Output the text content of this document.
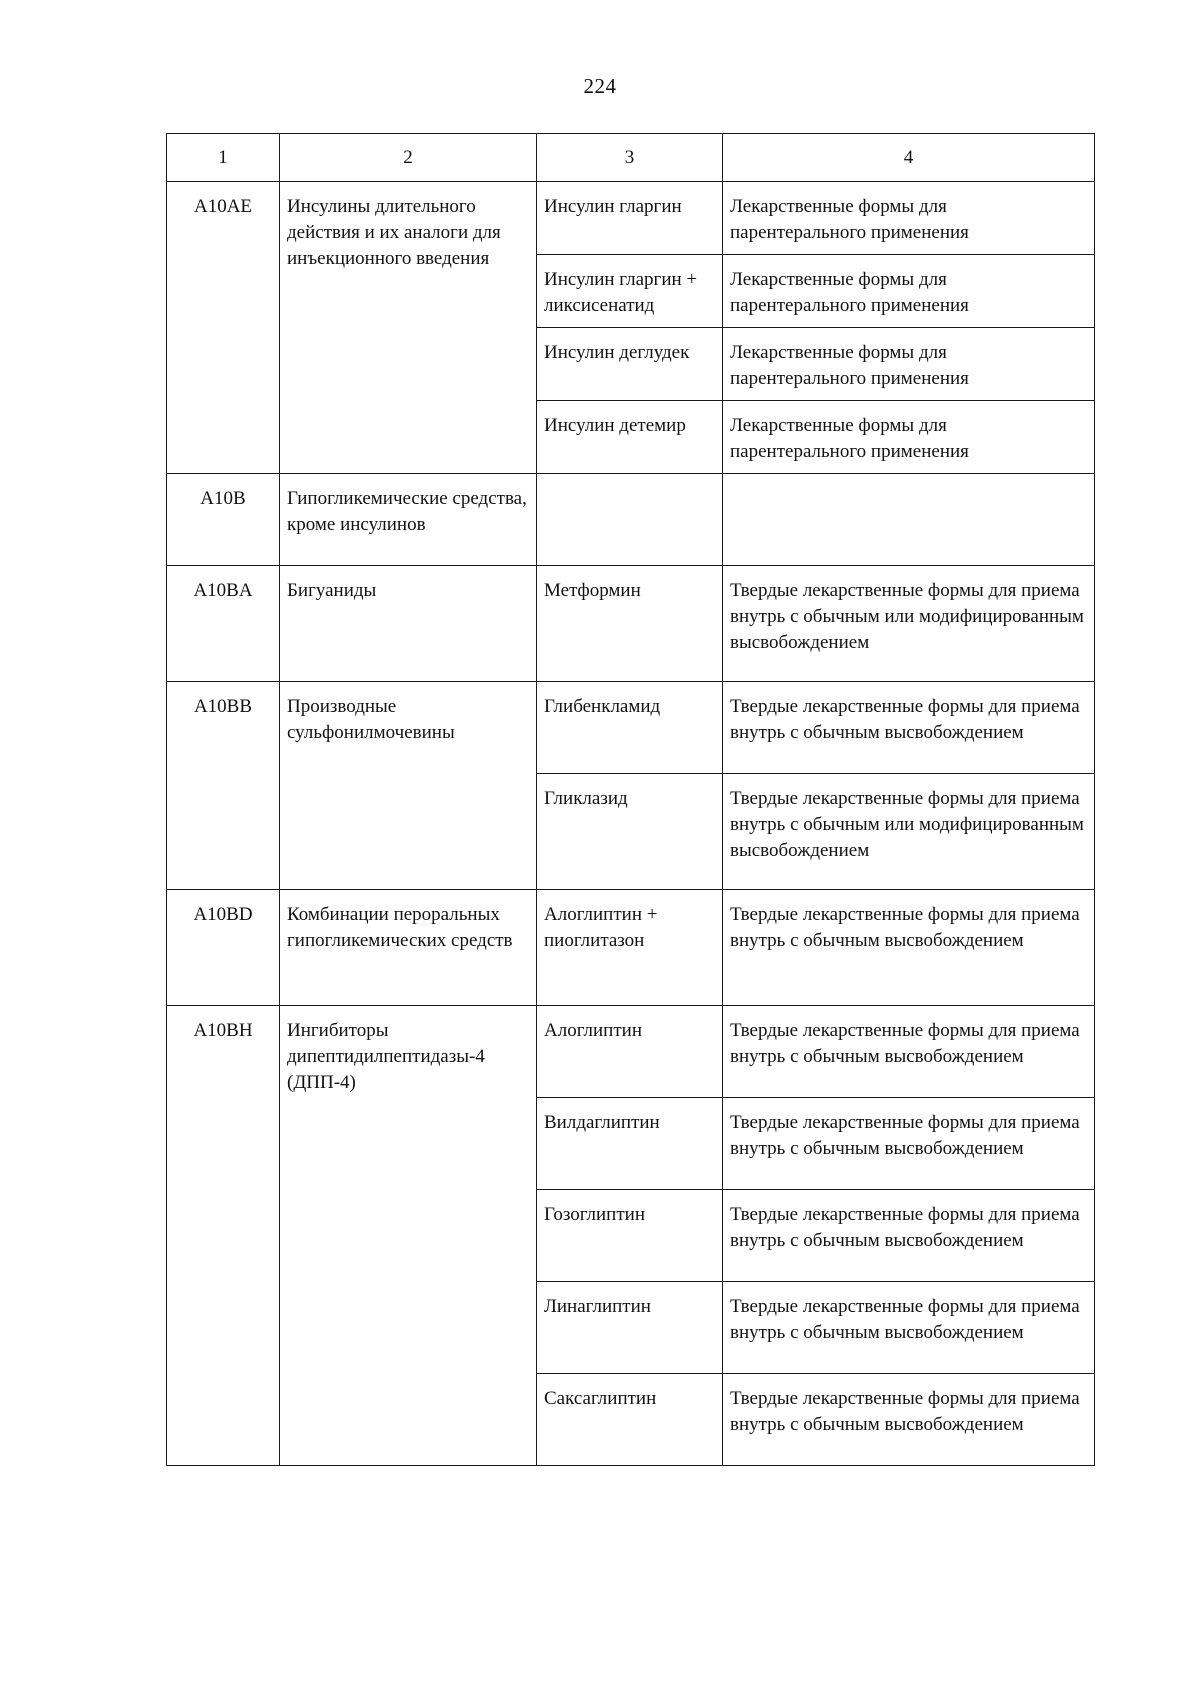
224
1	2	3	4
A10AE	Инсулины длительного действия и их аналоги для инъекционного введения	Инсулин гларгин	Лекарственные формы для парентерального применения
		Инсулин гларгин + ликсисенатид	Лекарственные формы для парентерального применения
		Инсулин деглудек	Лекарственные формы для парентерального применения
		Инсулин детемир	Лекарственные формы для парентерального применения
A10B	Гипогликемические средства, кроме инсулинов		
A10BA	Бигуаниды	Метформин	Твердые лекарственные формы для приема внутрь с обычным или модифицированным высвобождением
A10BB	Производные сульфонилмочевины	Глибенкламид	Твердые лекарственные формы для приема внутрь с обычным высвобождением
		Гликлазид	Твердые лекарственные формы для приема внутрь с обычным или модифицированным высвобождением
A10BD	Комбинации пероральных гипогликемических средств	Алоглиптин + пиоглитазон	Твердые лекарственные формы для приема внутрь с обычным высвобождением
A10BH	Ингибиторы дипептидилпептидазы-4 (ДПП-4)	Алоглиптин	Твердые лекарственные формы для приема внутрь с обычным высвобождением
		Вилдаглиптин	Твердые лекарственные формы для приема внутрь с обычным высвобождением
		Гозоглиптин	Твердые лекарственные формы для приема внутрь с обычным высвобождением
		Линаглиптин	Твердые лекарственные формы для приема внутрь с обычным высвобождением
		Саксаглиптин	Твердые лекарственные формы для приема внутрь с обычным высвобождением
